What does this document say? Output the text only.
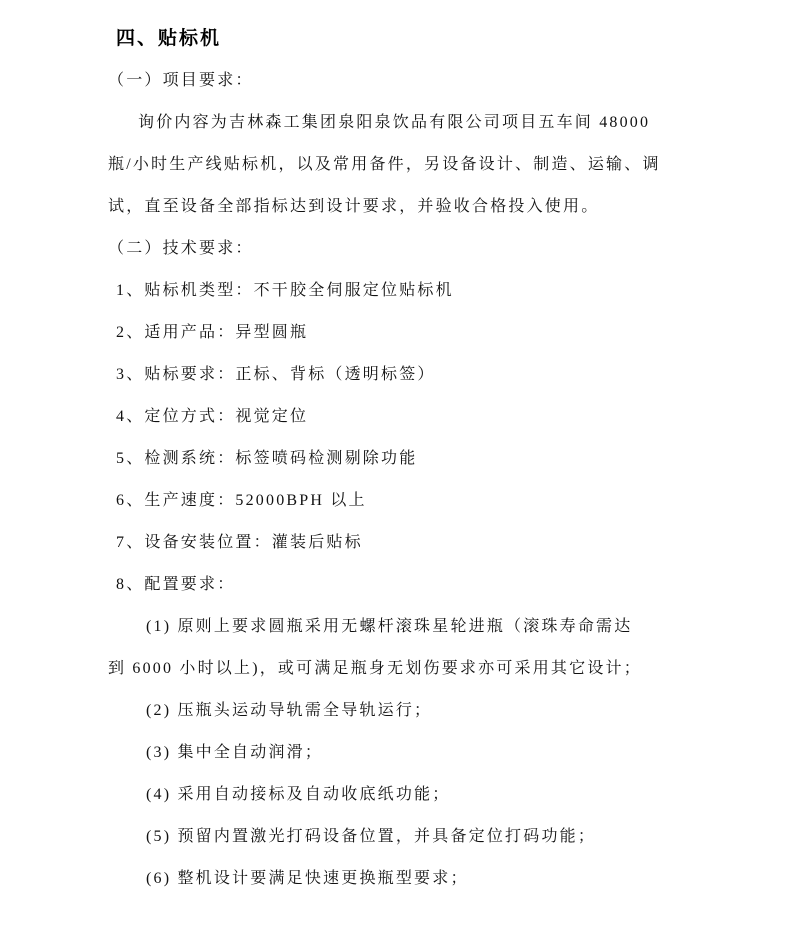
四、贴标机
（一）项目要求：
询价内容为吉林森工集团泉阳泉饮品有限公司项目五车间 48000
瓶/小时生产线贴标机，以及常用备件，另设备设计、制造、运输、调
试，直至设备全部指标达到设计要求，并验收合格投入使用。
（二）技术要求：
1、贴标机类型：不干胶全伺服定位贴标机
2、适用产品：异型圆瓶
3、贴标要求：正标、背标（透明标签）
4、定位方式：视觉定位
5、检测系统：标签喷码检测剔除功能
6、生产速度：52000BPH 以上
7、设备安装位置：灌装后贴标
8、配置要求：
(1) 原则上要求圆瓶采用无螺杆滚珠星轮进瓶（滚珠寿命需达
到 6000 小时以上)，或可满足瓶身无划伤要求亦可采用其它设计；
(2) 压瓶头运动导轨需全导轨运行；
(3) 集中全自动润滑；
(4) 采用自动接标及自动收底纸功能；
(5) 预留内置激光打码设备位置，并具备定位打码功能；
(6) 整机设计要满足快速更换瓶型要求；
